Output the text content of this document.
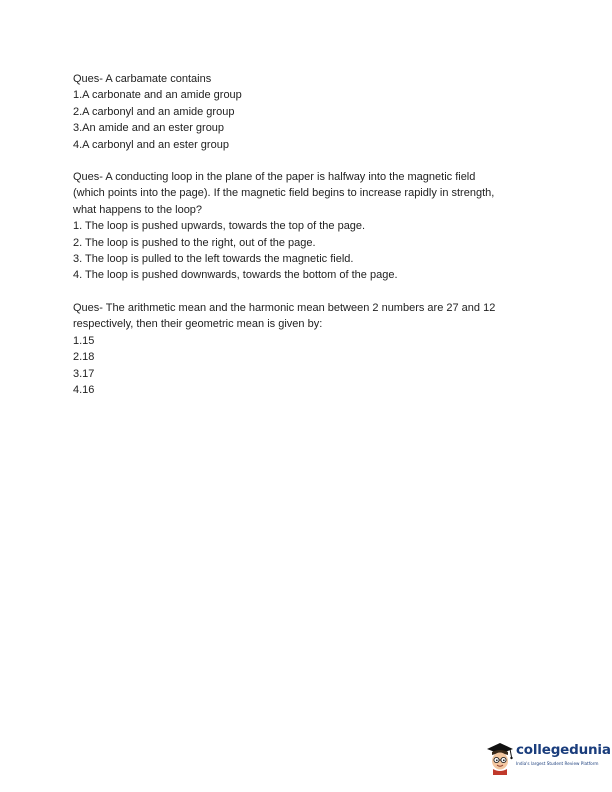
Ques- A carbamate contains
1.A carbonate and an amide group
2.A carbonyl and an amide group
3.An amide and an ester group
4.A carbonyl and an ester group
Ques- A conducting loop in the plane of the paper is halfway into the magnetic field
(which points into the page). If the magnetic field begins to increase rapidly in strength,
what happens to the loop?
1. The loop is pushed upwards, towards the top of the page.
2. The loop is pushed to the right, out of the page.
3. The loop is pulled to the left towards the magnetic field.
4. The loop is pushed downwards, towards the bottom of the page.
Ques- The arithmetic mean and the harmonic mean between 2 numbers are 27 and 12
respectively, then their geometric mean is given by:
1.15
2.18
3.17
4.16
collegedunia
India's largest Student Review Platform
